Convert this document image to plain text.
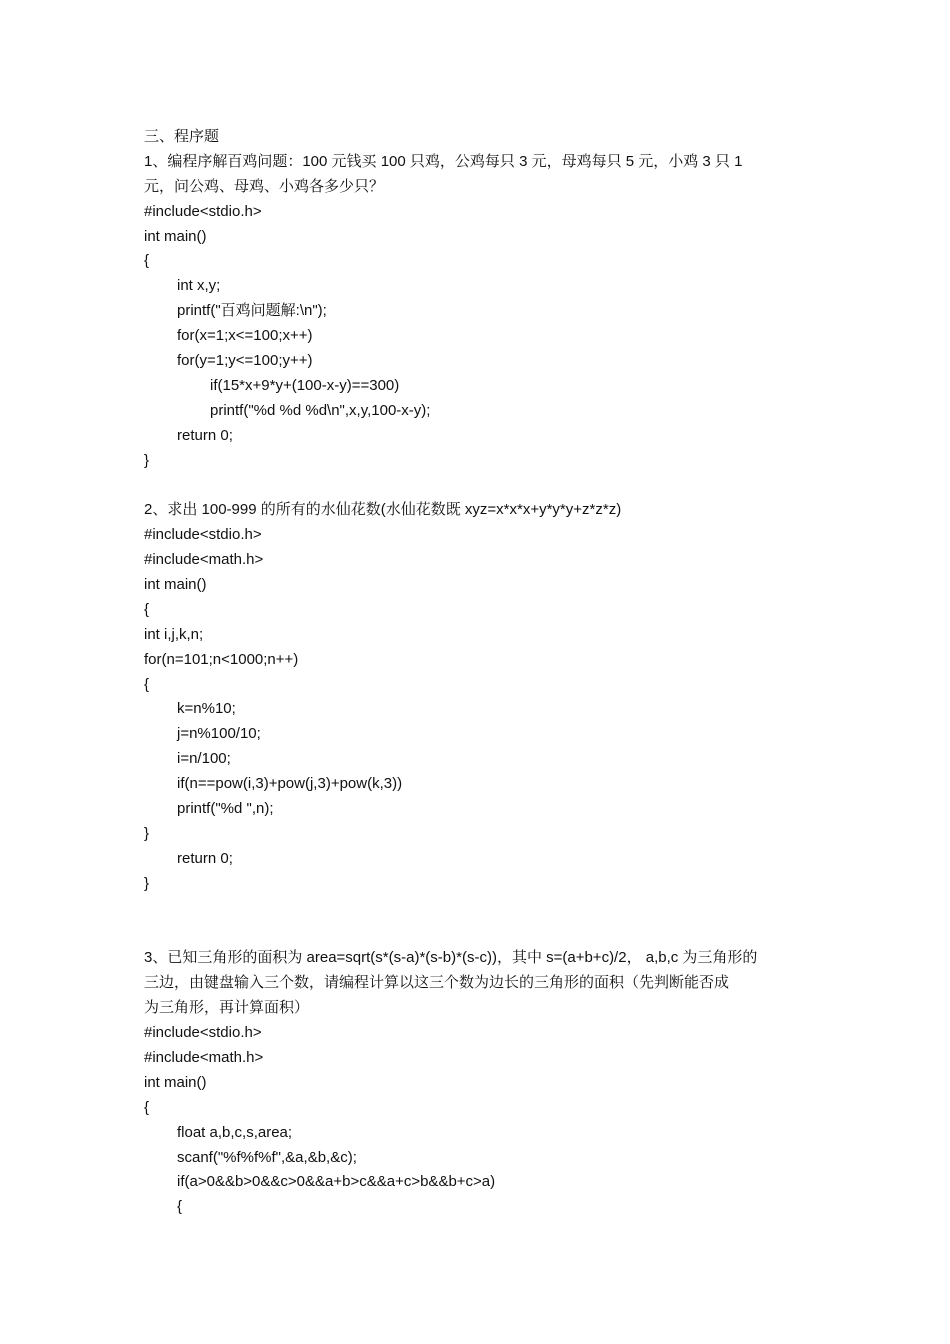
三、程序题
1、编程序解百鸡问题：100 元钱买 100 只鸡，公鸡每只 3 元，母鸡每只 5 元，小鸡 3 只 1
元，问公鸡、母鸡、小鸡各多少只？
#include<stdio.h>
int main()
{
int x,y;
printf("百鸡问题解:\n");
for(x=1;x<=100;x++)
for(y=1;y<=100;y++)
if(15*x+9*y+(100-x-y)==300)
printf("%d %d %d\n",x,y,100-x-y);
return 0;
}
2、求出 100-999 的所有的水仙花数(水仙花数既 xyz=x*x*x+y*y*y+z*z*z)
#include<stdio.h>
#include<math.h>
int main()
{
int i,j,k,n;
for(n=101;n<1000;n++)
{
k=n%10;
j=n%100/10;
i=n/100;
if(n==pow(i,3)+pow(j,3)+pow(k,3))
printf("%d ",n);
}
return 0;
}
3、已知三角形的面积为 area=sqrt(s*(s-a)*(s-b)*(s-c))，其中 s=(a+b+c)/2， a,b,c 为三角形的
三边，由键盘输入三个数，请编程计算以这三个数为边长的三角形的面积（先判断能否成
为三角形，再计算面积）
#include<stdio.h>
#include<math.h>
int main()
{
float a,b,c,s,area;
scanf("%f%f%f",&a,&b,&c);
if(a>0&&b>0&&c>0&&a+b>c&&a+c>b&&b+c>a)
{
